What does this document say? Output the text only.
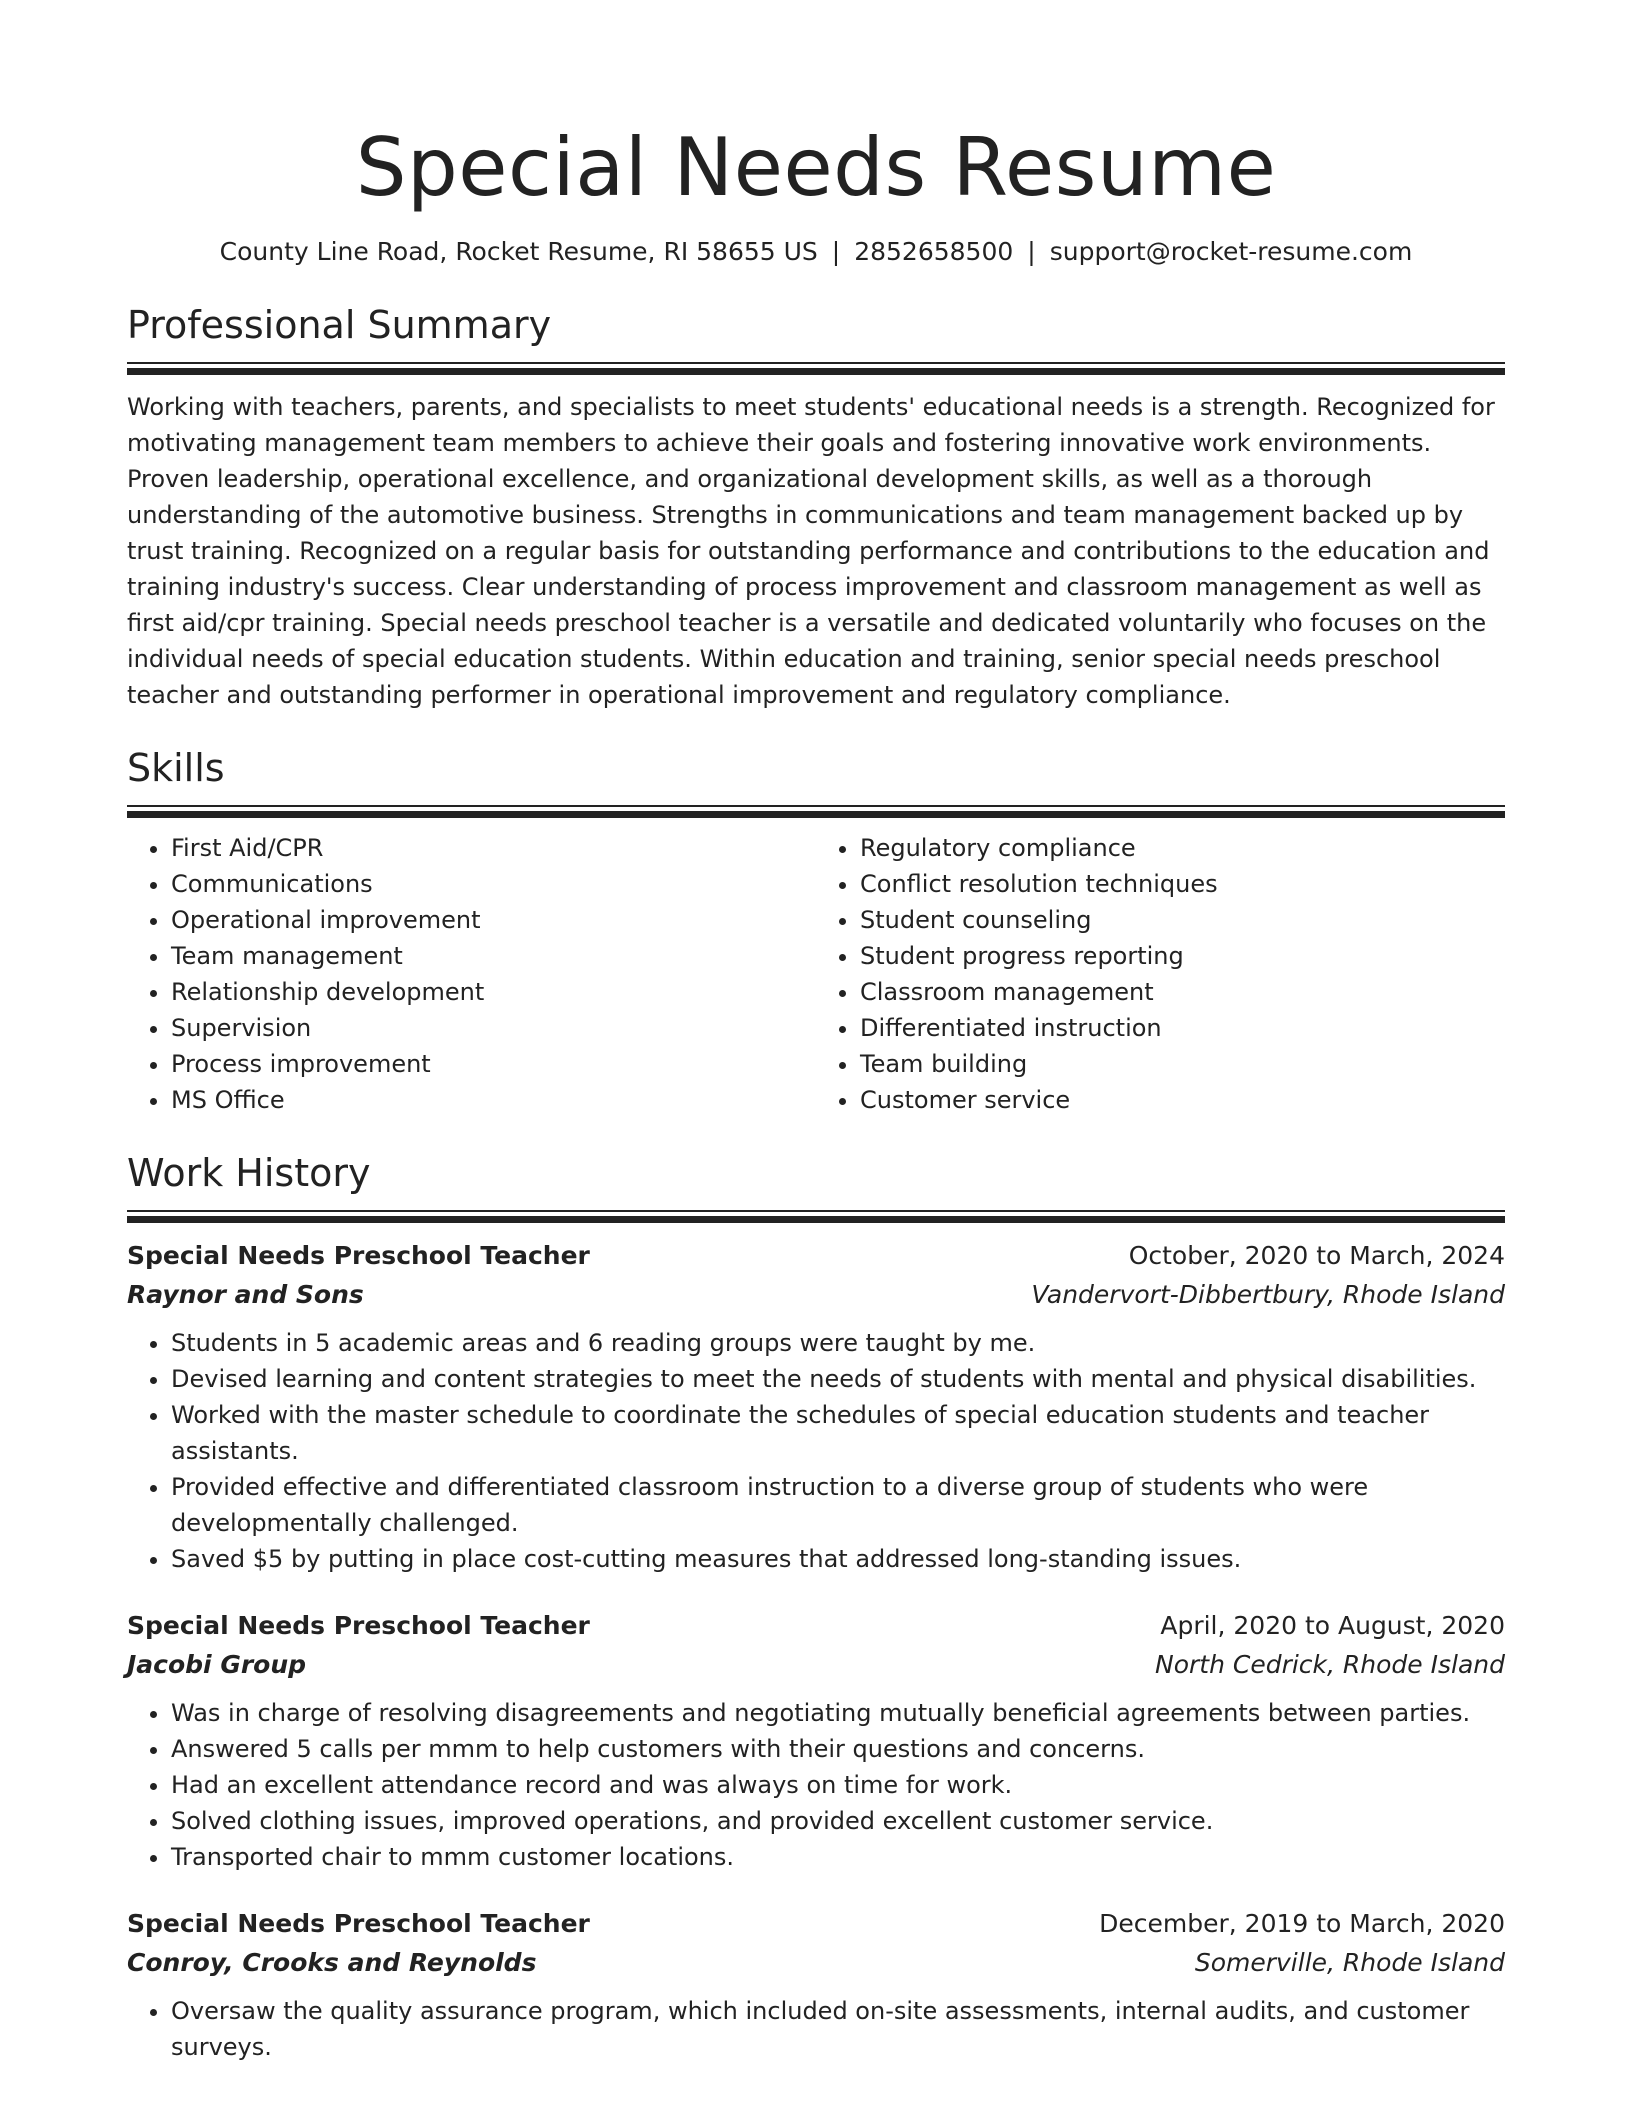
Special Needs Resume
County Line Road, Rocket Resume, RI 58655 US | 2852658500 | support@rocket-resume.com
Professional Summary

Working with teachers, parents, and specialists to meet students' educational needs is a strength. Recognized for motivating management team members to achieve their goals and fostering innovative work environments. Proven leadership, operational excellence, and organizational development skills, as well as a thorough understanding of the automotive business. Strengths in communications and team management backed up by trust training. Recognized on a regular basis for outstanding performance and contributions to the education and training industry's success. Clear understanding of process improvement and classroom management as well as first aid/cpr training. Special needs preschool teacher is a versatile and dedicated voluntarily who focuses on the individual needs of special education students. Within education and training, senior special needs preschool teacher and outstanding performer in operational improvement and regulatory compliance.

Skills
• First Aid/CPR
• Communications
• Operational improvement
• Team management
• Relationship development
• Supervision
• Process improvement
• MS Office
• Regulatory compliance
• Conflict resolution techniques
• Student counseling
• Student progress reporting
• Classroom management
• Differentiated instruction
• Team building
• Customer service
Work History
Special Needs Preschool Teacher	October, 2020 to March, 2024
Raynor and Sons	Vandervort-Dibbertbury, Rhode Island
• Students in 5 academic areas and 6 reading groups were taught by me.
• Devised learning and content strategies to meet the needs of students with mental and physical disabilities.
• Worked with the master schedule to coordinate the schedules of special education students and teacher assistants.
• Provided effective and differentiated classroom instruction to a diverse group of students who were developmentally challenged.
• Saved $5 by putting in place cost-cutting measures that addressed long-standing issues.
Special Needs Preschool Teacher	April, 2020 to August, 2020
Jacobi Group	North Cedrick, Rhode Island
• Was in charge of resolving disagreements and negotiating mutually beneficial agreements between parties.
• Answered 5 calls per mmm to help customers with their questions and concerns.
• Had an excellent attendance record and was always on time for work.
• Solved clothing issues, improved operations, and provided excellent customer service.
• Transported chair to mmm customer locations.
Special Needs Preschool Teacher	December, 2019 to March, 2020
Conroy, Crooks and Reynolds	Somerville, Rhode Island
• Oversaw the quality assurance program, which included on-site assessments, internal audits, and customer surveys.
